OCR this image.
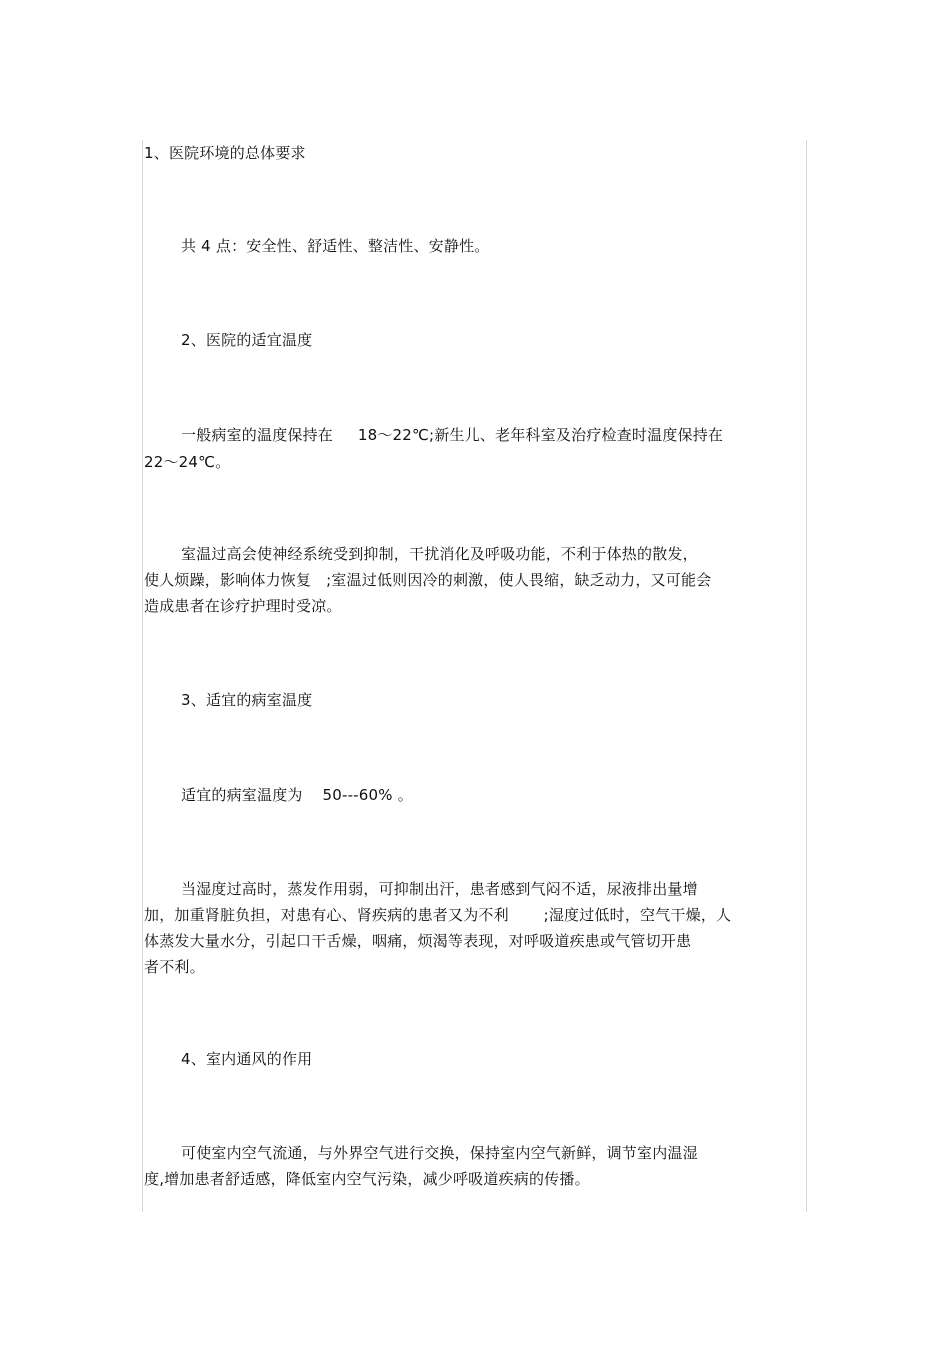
1、医院环境的总体要求
共 4 点：安全性、舒适性、整洁性、安静性。
2、医院的适宜温度
一般病室的温度保持在     18～22℃;新生儿、老年科室及治疗检查时温度保持在
22～24℃。
室温过高会使神经系统受到抑制，干扰消化及呼吸功能，不利于体热的散发，
使人烦躁，影响体力恢复   ;室温过低则因冷的刺激，使人畏缩，缺乏动力，又可能会
造成患者在诊疗护理时受凉。
3、适宜的病室温度
适宜的病室温度为    50---60% 。
当湿度过高时，蒸发作用弱，可抑制出汗，患者感到气闷不适，尿液排出量增
加，加重肾脏负担，对患有心、肾疾病的患者又为不利       ;湿度过低时，空气干燥，人
体蒸发大量水分，引起口干舌燥，咽痛，烦渴等表现，对呼吸道疾患或气管切开患
者不利。
4、室内通风的作用
可使室内空气流通，与外界空气进行交换，保持室内空气新鲜，调节室内温湿
度,增加患者舒适感，降低室内空气污染，减少呼吸道疾病的传播。
